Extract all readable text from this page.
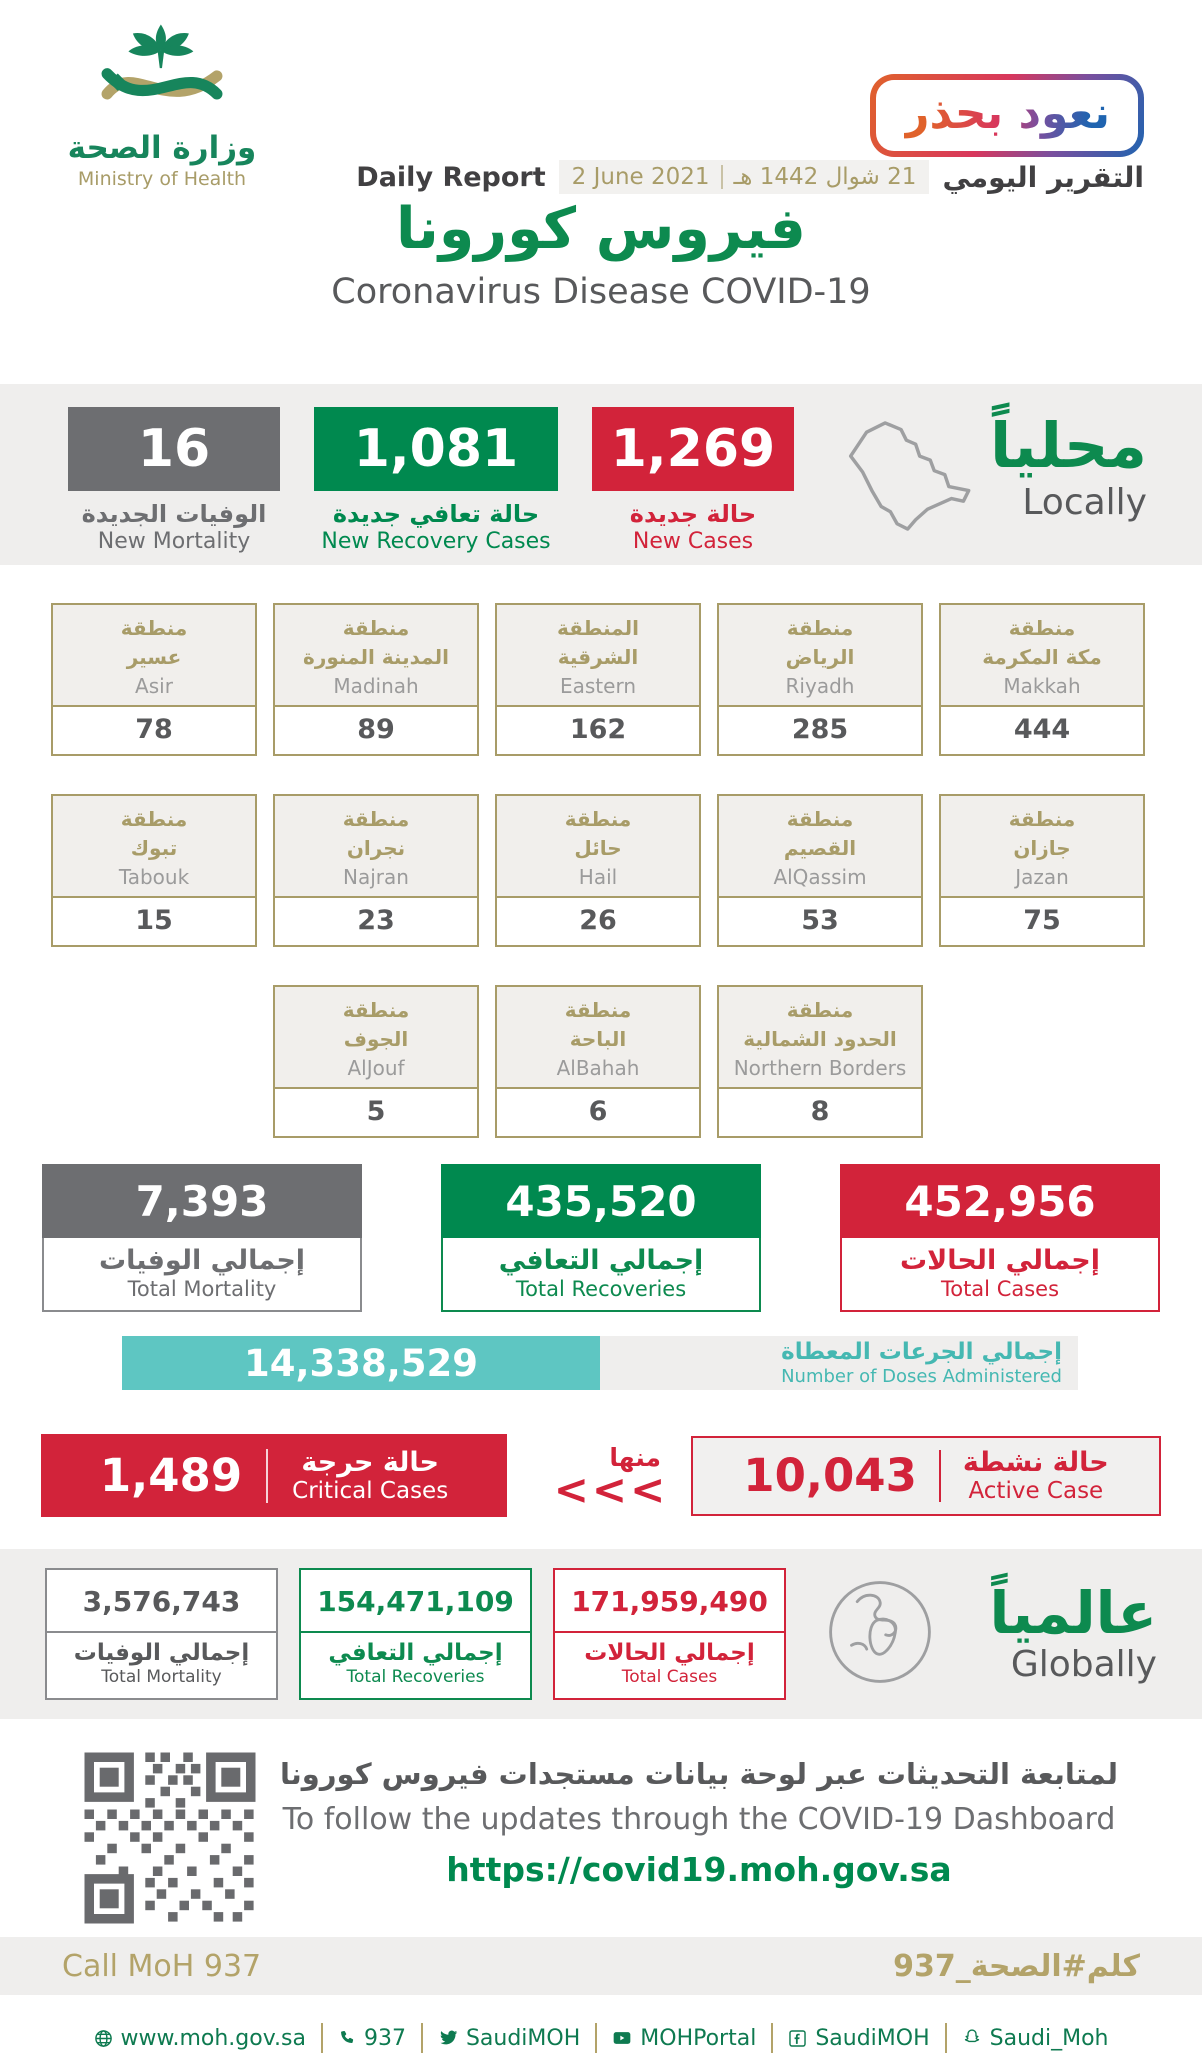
وزارة الصحة
Ministry of Health
نعود بحذر
Daily Report 2 June 2021 21 شوال 1442 هـ التقرير اليومي
فيروس كورونا
Coronavirus Disease COVID-19
16
الوفيات الجديدة
New Mortality
1,081
حالة تعافي جديدة
New Recovery Cases
1,269
حالة جديدة
New Cases
محلياً
Locally
منطقة
عسير
Asir
78
منطقة
المدينة المنورة
Madinah
89
المنطقة
الشرقية
Eastern
162
منطقة
الرياض
Riyadh
285
منطقة
مكة المكرمة
Makkah
444
منطقة
تبوك
Tabouk
15
منطقة
نجران
Najran
23
منطقة
حائل
Hail
26
منطقة
القصيم
AlQassim
53
منطقة
جازان
Jazan
75
منطقة
الجوف
AlJouf
5
منطقة
الباحة
AlBahah
6
منطقة
الحدود الشمالية
Northern Borders
8
7,393
إجمالي الوفيات
Total Mortality
435,520
إجمالي التعافي
Total Recoveries
452,956
إجمالي الحالات
Total Cases
14,338,529	إجمالي الجرعات المعطاة
Number of Doses Administered
1,489	حالة حرجة
Critical Cases
منها
<<< 10,043 حالة نشطة
Active Case
3,576,743
إجمالي الوفيات
Total Mortality
154,471,109
إجمالي التعافي
Total Recoveries
171,959,490
إجمالي الحالات
Total Cases
عالمياً
Globally
لمتابعة التحديثات عبر لوحة بيانات مستجدات فيروس كورونا
To follow the updates through the COVID-19 Dashboard
https://covid19.moh.gov.sa
Call MoH 937	كلم#الصحة_937
www.moh.gov.sa	937	SaudiMOH	MOHPortal	SaudiMOH	Saudi_Moh
